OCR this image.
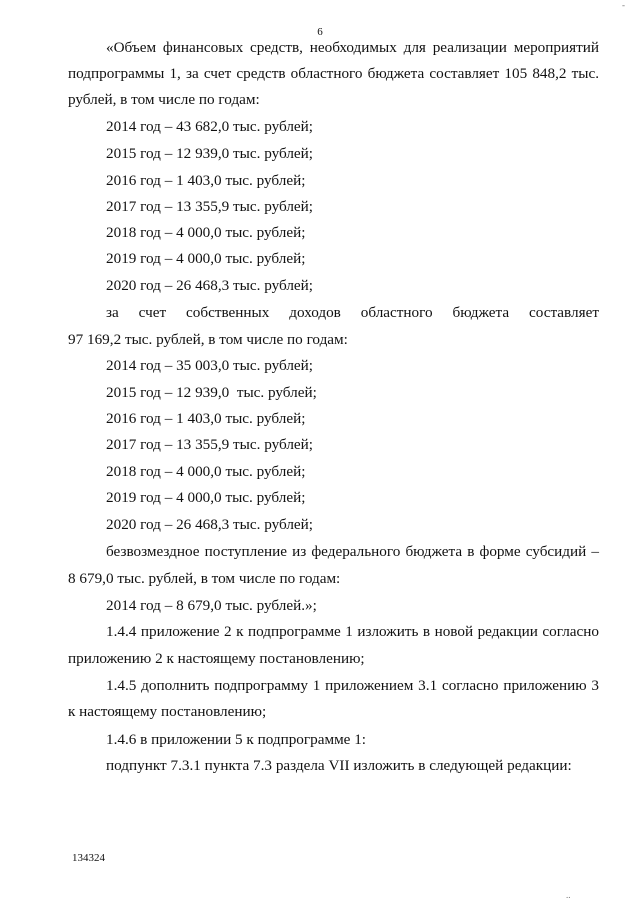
-
6
«Объем финансовых средств, необходимых для реализации мероприятий
подпрограммы 1, за счет средств областного бюджета составляет 105 848,2 тыс.
рублей, в том числе по годам:
2014 год – 43 682,0 тыс. рублей;
2015 год – 12 939,0 тыс. рублей;
2016 год – 1 403,0 тыс. рублей;
2017 год – 13 355,9 тыс. рублей;
2018 год – 4 000,0 тыс. рублей;
2019 год – 4 000,0 тыс. рублей;
2020 год – 26 468,3 тыс. рублей;
за счет собственных доходов областного бюджета составляет
97 169,2 тыс. рублей, в том числе по годам:
2014 год – 35 003,0 тыс. рублей;
2015 год – 12 939,0  тыс. рублей;
2016 год – 1 403,0 тыс. рублей;
2017 год – 13 355,9 тыс. рублей;
2018 год – 4 000,0 тыс. рублей;
2019 год – 4 000,0 тыс. рублей;
2020 год – 26 468,3 тыс. рублей;
безвозмездное поступление из федерального бюджета в форме субсидий –
8 679,0 тыс. рублей, в том числе по годам:
2014 год – 8 679,0 тыс. рублей.»;
1.4.4 приложение 2 к подпрограмме 1 изложить в новой редакции согласно
приложению 2 к настоящему постановлению;
1.4.5 дополнить подпрограмму 1 приложением 3.1 согласно приложению 3
к настоящему постановлению;
1.4.6 в приложении 5 к подпрограмме 1:
подпункт 7.3.1 пункта 7.3 раздела VII изложить в следующей редакции:
134324
..
